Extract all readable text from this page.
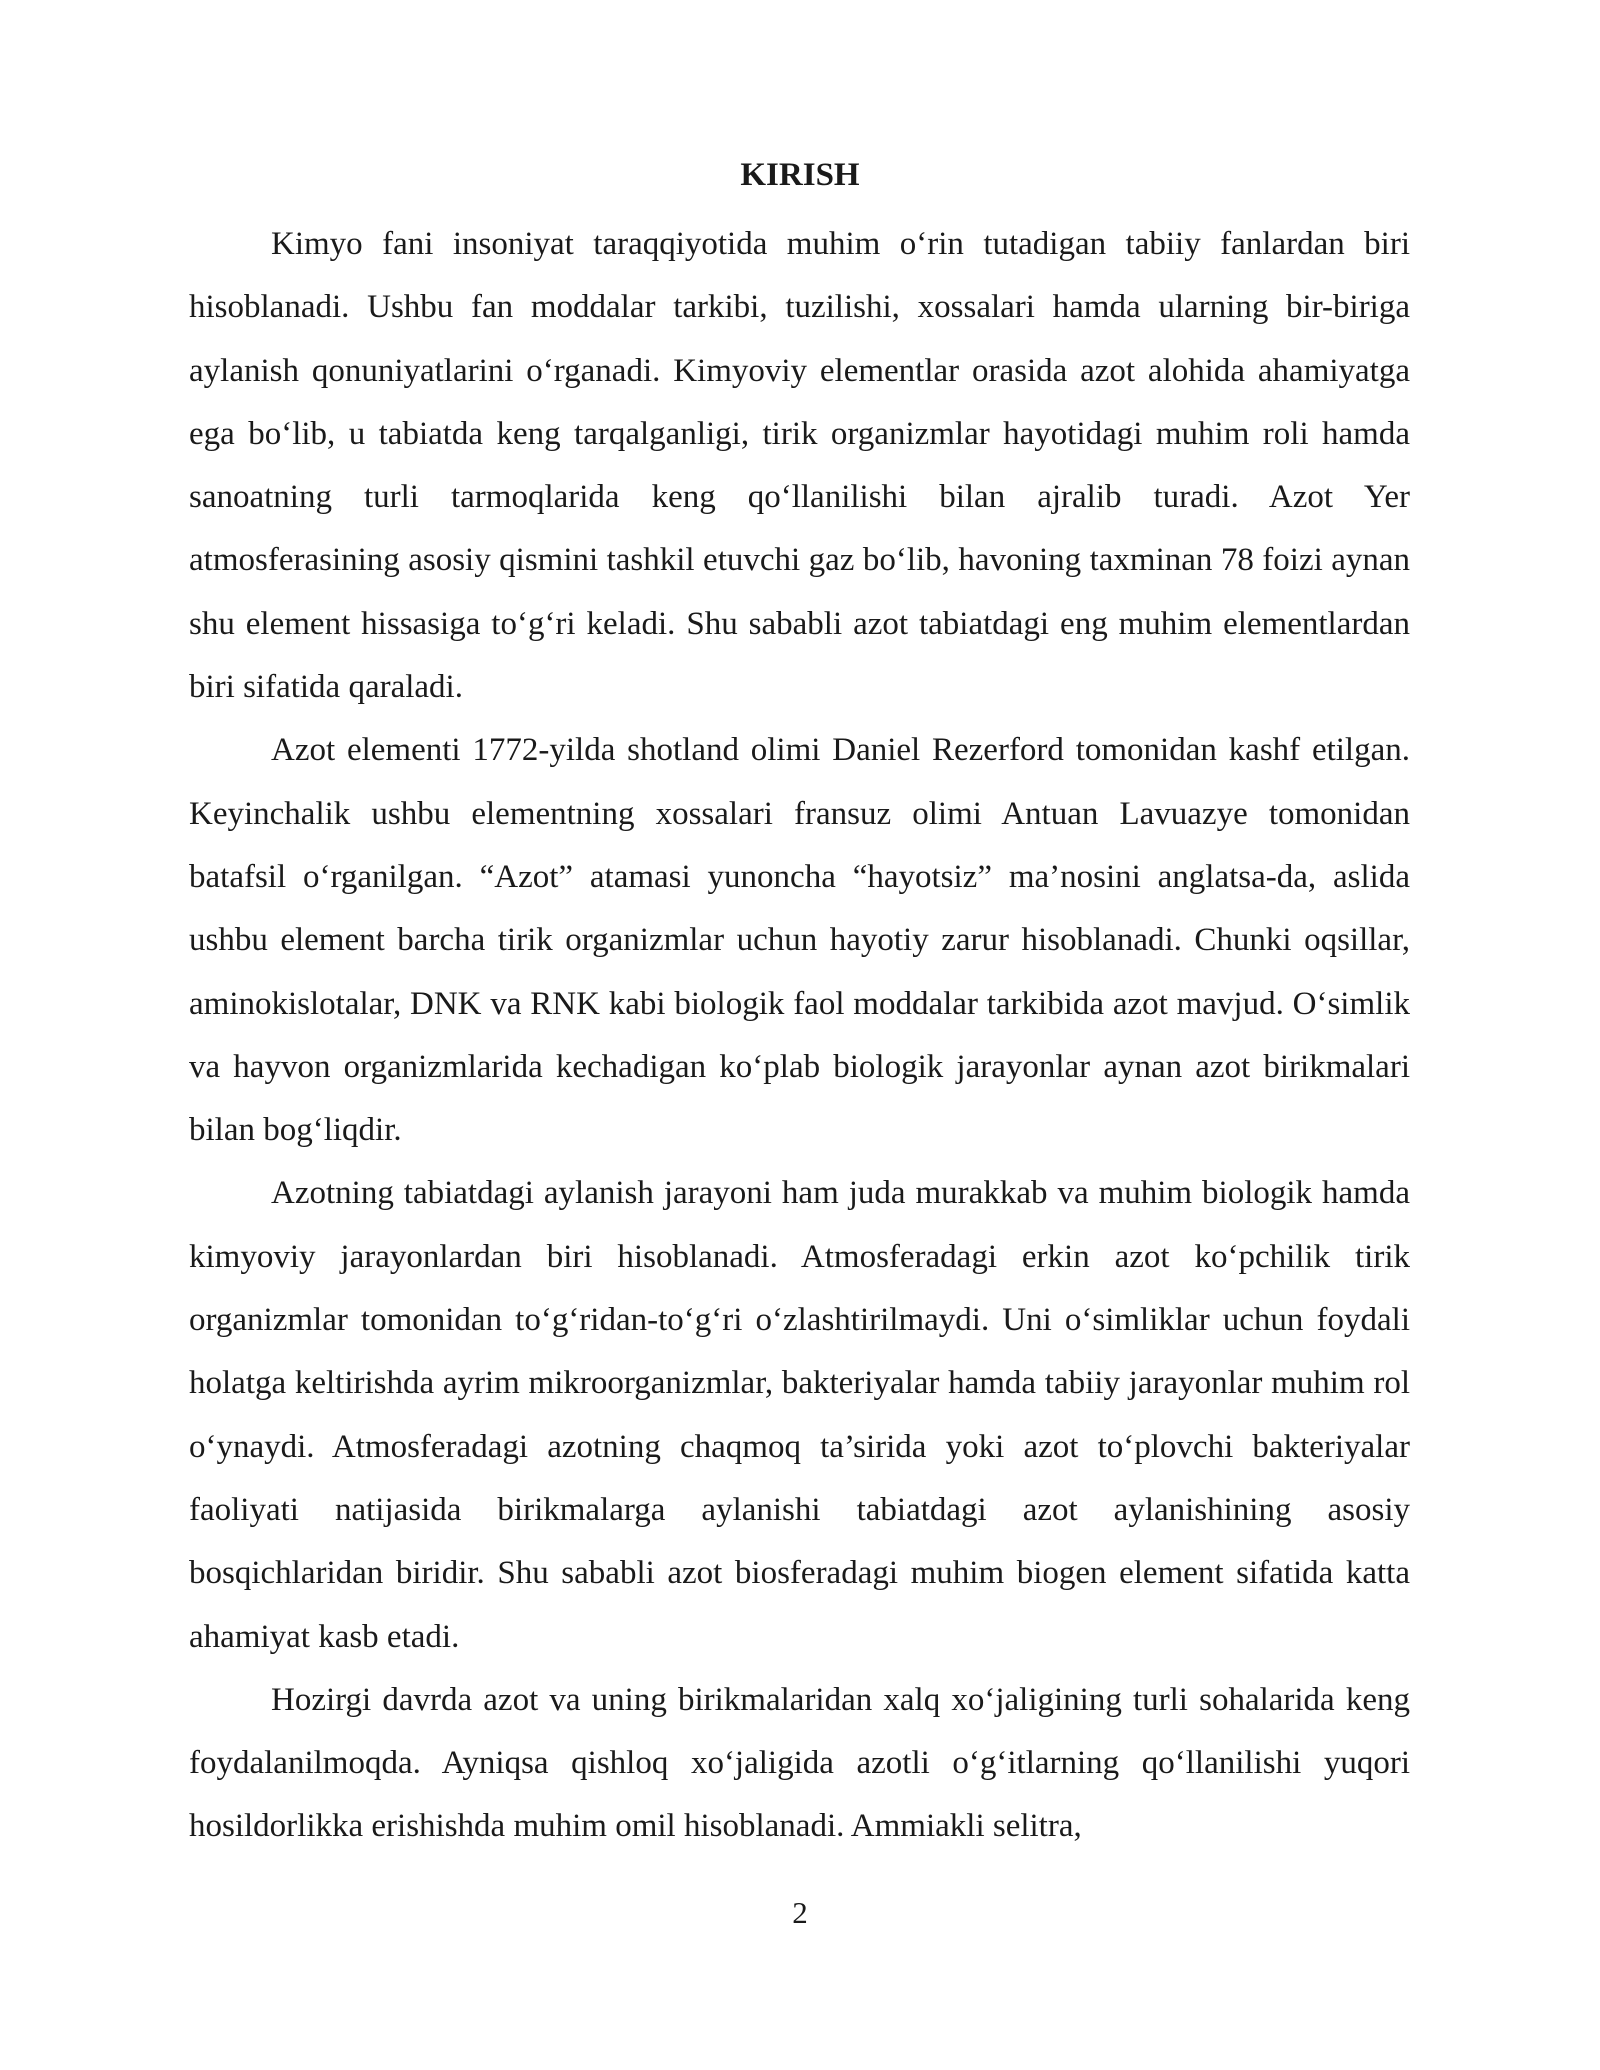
KIRISH

Kimyo fani insoniyat taraqqiyotida muhim o‘rin tutadigan tabiiy fanlardan biri hisoblanadi. Ushbu fan moddalar tarkibi, tuzilishi, xossalari hamda ularning bir-biriga aylanish qonuniyatlarini o‘rganadi. Kimyoviy elementlar orasida azot alohida ahamiyatga ega bo‘lib, u tabiatda keng tarqalganligi, tirik organizmlar hayotidagi muhim roli hamda sanoatning turli tarmoqlarida keng qo‘llanilishi bilan ajralib turadi. Azot Yer atmosferasining asosiy qismini tashkil etuvchi gaz bo‘lib, havoning taxminan 78 foizi aynan shu element hissasiga to‘g‘ri keladi. Shu sababli azot tabiatdagi eng muhim elementlardan biri sifatida qaraladi.

Azot elementi 1772-yilda shotland olimi Daniel Rezerford tomonidan kashf etilgan. Keyinchalik ushbu elementning xossalari fransuz olimi Antuan Lavuazye tomonidan batafsil o‘rganilgan. “Azot” atamasi yunoncha “hayotsiz” ma’nosini anglatsa-da, aslida ushbu element barcha tirik organizmlar uchun hayotiy zarur hisoblanadi. Chunki oqsillar, aminokislotalar, DNK va RNK kabi biologik faol moddalar tarkibida azot mavjud. O‘simlik va hayvon organizmlarida kechadigan ko‘plab biologik jarayonlar aynan azot birikmalari bilan bog‘liqdir.

Azotning tabiatdagi aylanish jarayoni ham juda murakkab va muhim biologik hamda kimyoviy jarayonlardan biri hisoblanadi. Atmosferadagi erkin azot ko‘pchilik tirik organizmlar tomonidan to‘g‘ridan-to‘g‘ri o‘zlashtirilmaydi. Uni o‘simliklar uchun foydali holatga keltirishda ayrim mikroorganizmlar, bakteriyalar hamda tabiiy jarayonlar muhim rol o‘ynaydi. Atmosferadagi azotning chaqmoq ta’sirida yoki azot to‘plovchi bakteriyalar faoliyati natijasida birikmalarga aylanishi tabiatdagi azot aylanishining asosiy bosqichlaridan biridir. Shu sababli azot biosferadagi muhim biogen element sifatida katta ahamiyat kasb etadi.

Hozirgi davrda azot va uning birikmalaridan xalq xo‘jaligining turli sohalarida keng foydalanilmoqda. Ayniqsa qishloq xo‘jaligida azotli o‘g‘itlarning qo‘llanilishi yuqori hosildorlikka erishishda muhim omil hisoblanadi. Ammiakli selitra,

2
